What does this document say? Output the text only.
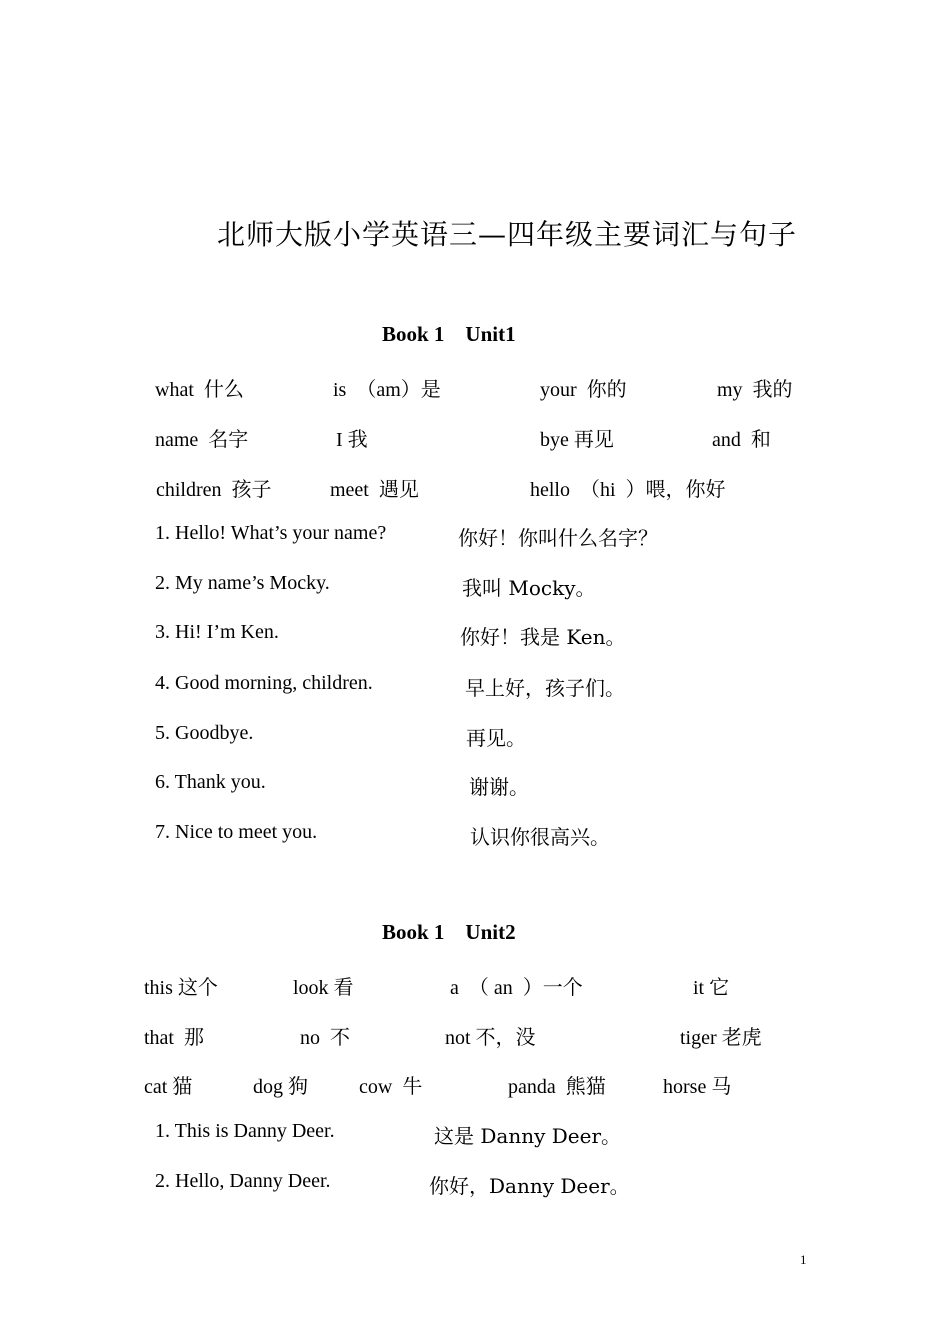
北师大版小学英语三—四年级主要词汇与句子
Book 1    Unit1
what  什么	is  （am）是	your  你的	my  我的
name  名字	I 我	bye 再见	and  和
children  孩子	meet  遇见	hello  （hi  ）喂，你好
1. Hello! What’s your name?	你好！你叫什么名字？
2. My name’s Mocky.	我叫 Mocky。
3. Hi! I’m Ken.	你好！我是 Ken。
4. Good morning, children.	早上好，孩子们。
5. Goodbye.	再见。
6. Thank you.	谢谢。
7. Nice to meet you.	认识你很高兴。
Book 1    Unit2
this 这个	look 看	a  （ an  ）一个	it 它
that  那	no  不	not 不，没	tiger 老虎
cat 猫	dog 狗	cow  牛	panda  熊猫	horse 马
1. This is Danny Deer.	这是 Danny Deer。
2. Hello, Danny Deer.	你好，Danny Deer。
1
